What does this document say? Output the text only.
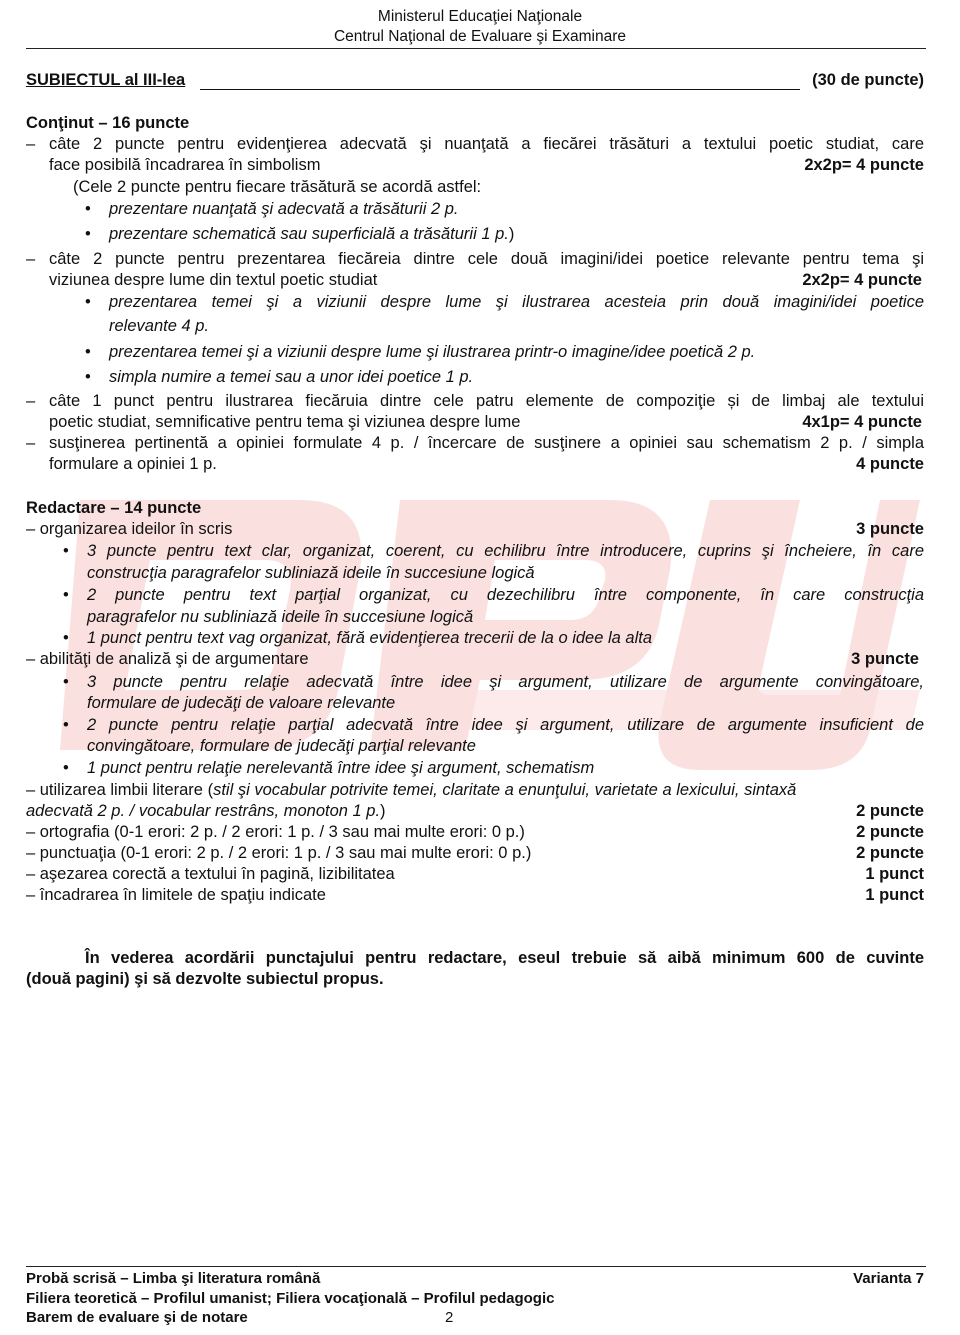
Ministerul Educaţiei Naţionale
Centrul Naţional de Evaluare şi Examinare
SUBIECTUL al III-lea	(30 de puncte)
Conţinut – 16 puncte
– câte 2 puncte pentru evidenţierea adecvată şi nuanţată a fiecărei trăsături a textului poetic studiat, care
face posibilă încadrarea în simbolism	2x2p= 4 puncte
(Cele 2 puncte pentru fiecare trăsătură se acordă astfel:
• prezentare nuanţată şi adecvată a trăsăturii 2 p.
• prezentare schematică sau superficială a trăsăturii 1 p.)
– câte 2 puncte pentru prezentarea fiecăreia dintre cele două imagini/idei poetice relevante pentru tema şi
viziunea despre lume din textul poetic studiat	2x2p= 4 puncte
prezentarea temei şi a viziunii despre lume şi ilustrarea acesteia prin două imagini/idei poetice
relevante 4 p.
• prezentarea temei şi a viziunii despre lume şi ilustrarea printr-o imagine/idee poetică 2 p.
• simpla numire a temei sau a unor idei poetice 1 p.
– câte 1 punct pentru ilustrarea fiecăruia dintre cele patru elemente de compoziţie și de limbaj ale textului
poetic studiat, semnificative pentru tema şi viziunea despre lume	4x1p= 4 puncte
– susţinerea pertinentă a opiniei formulate 4 p. / încercare de susţinere a opiniei sau schematism 2 p. / simpla
formulare a opiniei 1 p.	4 puncte
Redactare – 14 puncte
– organizarea ideilor în scris	3 puncte
3 puncte pentru text clar, organizat, coerent, cu echilibru între introducere, cuprins şi încheiere, în care
construcţia paragrafelor subliniază ideile în succesiune logică
2 puncte pentru text parţial organizat, cu dezechilibru între componente, în care construcţia
paragrafelor nu subliniază ideile în succesiune logică
• 1 punct pentru text vag organizat, fără evidenţierea trecerii de la o idee la alta
– abilităţi de analiză şi de argumentare	3 puncte
3 puncte pentru relaţie adecvată între idee şi argument, utilizare de argumente convingătoare,
formulare de judecăţi de valoare relevante
2 puncte pentru relaţie parţial adecvată între idee şi argument, utilizare de argumente insuficient de
convingătoare, formulare de judecăţi parţial relevante
• 1 punct pentru relaţie nerelevantă între idee şi argument, schematism
– utilizarea limbii literare (stil şi vocabular potrivite temei, claritate a enunţului, varietate a lexicului, sintaxă
adecvată 2 p. / vocabular restrâns, monoton 1 p.)	2 puncte
– ortografia (0-1 erori: 2 p. / 2 erori: 1 p. / 3 sau mai multe erori: 0 p.)	2 puncte
– punctuaţia (0-1 erori: 2 p. / 2 erori: 1 p. / 3 sau mai multe erori: 0 p.)	2 puncte
– aşezarea corectă a textului în pagină, lizibilitatea	1 punct
– încadrarea în limitele de spaţiu indicate	1 punct
În vederea acordării punctajului pentru redactare, eseul trebuie să aibă minimum 600 de cuvinte
(două pagini) şi să dezvolte subiectul propus.
Probă scrisă – Limba şi literatura română	Varianta 7
Filiera teoretică – Profilul umanist; Filiera vocaţională – Profilul pedagogic
Barem de evaluare şi de notare	2
